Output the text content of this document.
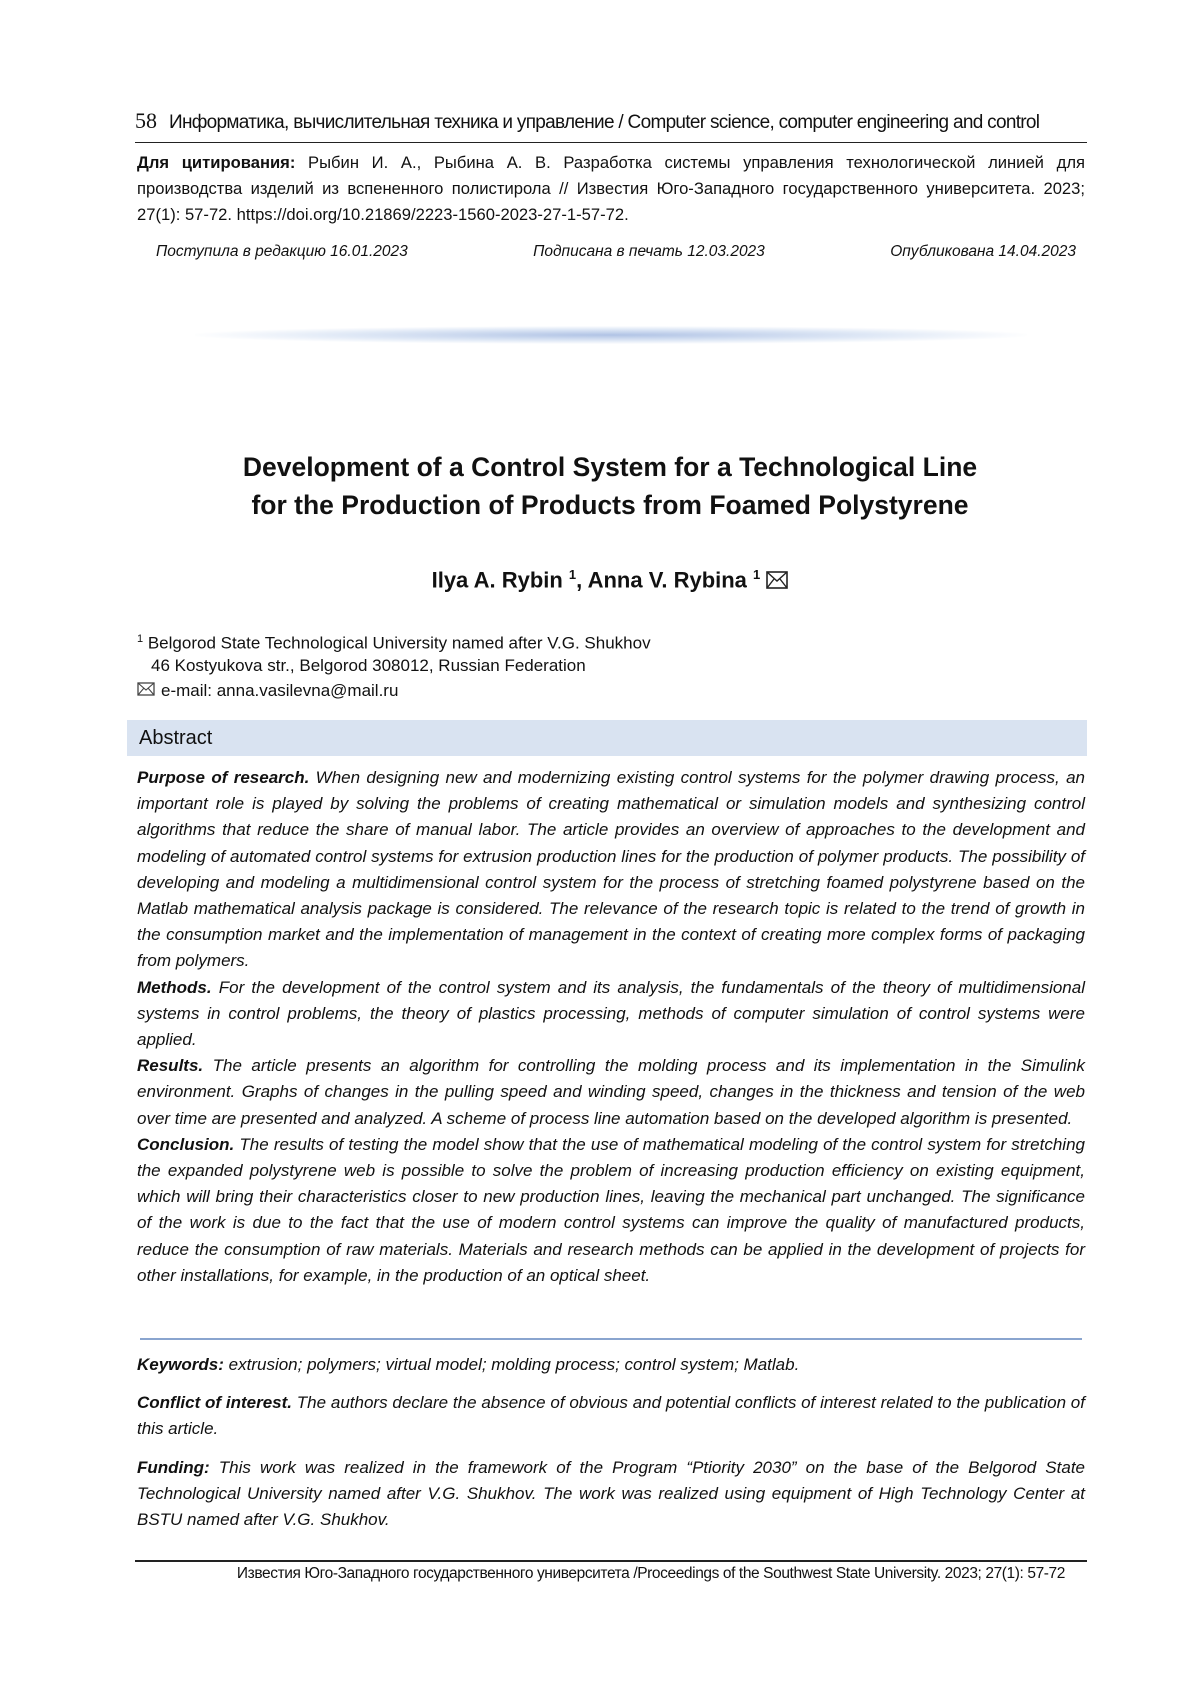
58 Информатика, вычислительная техника и управление / Computer science, computer engineering and control
Для цитирования: Рыбин И. А., Рыбина А. В. Разработка системы управления технологической линией для производства изделий из вспененного полистирола // Известия Юго-Западного государственного университета. 2023; 27(1): 57-72. https://doi.org/10.21869/2223-1560-2023-27-1-57-72.
Поступила в редакцию 16.01.2023	Подписана в печать 12.03.2023	Опубликована 14.04.2023
Development of a Control System for a Technological Line
for the Production of Products from Foamed Polystyrene
Ilya A. Rybin $^1$, Anna V. Rybina $^1$
$^1$ Belgorod State Technological University named after V.G. Shukhov
46 Kostyukova str., Belgorod 308012, Russian Federation
e-mail: anna.vasilevna@mail.ru
Abstract

Purpose of research. When designing new and modernizing existing control systems for the polymer drawing process, an important role is played by solving the problems of creating mathematical or simulation models and synthesizing control algorithms that reduce the share of manual labor. The article provides an overview of approaches to the development and modeling of automated control systems for extrusion production lines for the production of polymer products. The possibility of developing and modeling a multidimensional control system for the process of stretching foamed polystyrene based on the Matlab mathematical analysis package is considered. The relevance of the research topic is related to the trend of growth in the consumption market and the implementation of management in the context of creating more complex forms of packaging from polymers.

Methods. For the development of the control system and its analysis, the fundamentals of the theory of multidimensional systems in control problems, the theory of plastics processing, methods of computer simulation of control systems were applied.

Results. The article presents an algorithm for controlling the molding process and its implementation in the Simulink environment. Graphs of changes in the pulling speed and winding speed, changes in the thickness and tension of the web over time are presented and analyzed. A scheme of process line automation based on the developed algorithm is presented.

Conclusion. The results of testing the model show that the use of mathematical modeling of the control system for stretching the expanded polystyrene web is possible to solve the problem of increasing production efficiency on existing equipment, which will bring their characteristics closer to new production lines, leaving the mechanical part unchanged. The significance of the work is due to the fact that the use of modern control systems can improve the quality of manufactured products, reduce the consumption of raw materials. Materials and research methods can be applied in the development of projects for other installations, for example, in the production of an optical sheet.

Keywords: extrusion; polymers; virtual model; molding process; control system; Matlab.
Conflict of interest. The authors declare the absence of obvious and potential conflicts of interest related to the publication of this article.
Funding: This work was realized in the framework of the Program “Ptiority 2030” on the base of the Belgorod State Technological University named after V.G. Shukhov. The work was realized using equipment of High Technology Center at BSTU named after V.G. Shukhov.
Известия Юго-Западного государственного университета /Proceedings of the Southwest State University. 2023; 27(1): 57-72
